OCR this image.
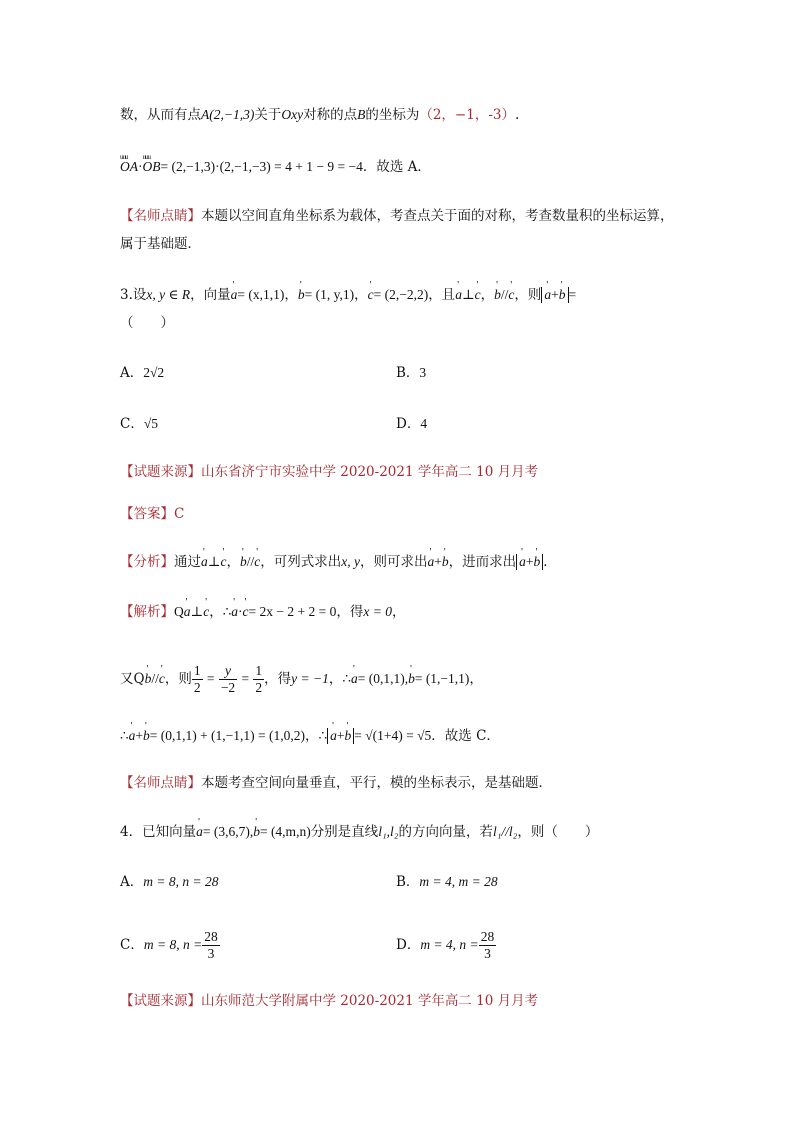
数，从而有点A(2,−1,3)关于Oxy对称的点B的坐标为（2，−1，-3）.
uuu OA·uuu OB= (2,−1,3)·(2,−1,−3) = 4 + 1 − 9 = −4．故选 A．
【名师点睛】本题以空间直角坐标系为载体，考查点关于面的对称，考查数量积的坐标运算，
属于基础题．
3.设x, y ∈ R，向量' a= (x,1,1)，' b= (1, y,1)，' c= (2,−2,2)，且' a⊥' c，' b//' c，则 ' a+' b =
（　　）
A．2√2	B．3
C．√5	D．4
【试题来源】山东省济宁市实验中学 2020-2021 学年高二 10 月月考
【答案】C
【分析】通过' a⊥' c，' b//' c，可列式求出x, y，则可求出' a+' b，进而求出 ' a+' b ．
【解析】Q' a⊥' c，∴' a·' c= 2x − 2 + 2 = 0，得x = 0，
又Q' b//' c，则 $\frac{1}{2} = \frac{y}{-2} = \frac{1}{2}$ ，得y = −1，∴' a= (0,1,1),' b= (1,−1,1)，
∴' a+' b= (0,1,1) + (1,−1,1) = (1,0,2)，∴ ' a+' b = √(1+4) = √5．故选 C．
【名师点睛】本题考查空间向量垂直，平行，模的坐标表示，是基础题．
4．已知向量' a= (3,6,7),' b= (4,m,n)分别是直线l₁,l₂的方向向量，若l₁//l₂，则（　　）
A．m = 8, n = 28	B．m = 4, m = 28
C．m = 8, $n = \frac{28}{3}$	D．m = 4, $n = \frac{28}{3}$
【试题来源】山东师范大学附属中学 2020-2021 学年高二 10 月月考
